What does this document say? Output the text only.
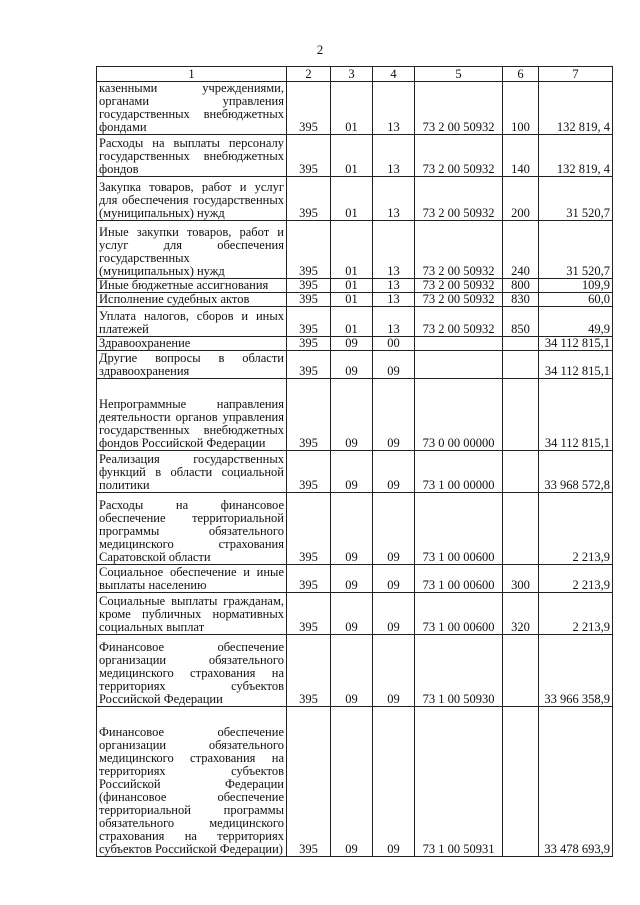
2
1	2	3	4	5	6	7
казенными учреждениями, органами управления государственных внебюджетных фондами	395	01	13	73 2 00 50932	100	132 819, 4
Расходы на выплаты персоналу государственных внебюджетных фондов	395	01	13	73 2 00 50932	140	132 819, 4
Закупка товаров, работ и услуг для обеспечения государственных (муниципальных) нужд	395	01	13	73 2 00 50932	200	31 520,7
Иные закупки товаров, работ и услуг для обеспечения государственных (муниципальных) нужд	395	01	13	73 2 00 50932	240	31 520,7
Иные бюджетные ассигнования	395	01	13	73 2 00 50932	800	109,9
Исполнение судебных актов	395	01	13	73 2 00 50932	830	60,0
Уплата налогов, сборов и иных платежей	395	01	13	73 2 00 50932	850	49,9
Здравоохранение	395	09	00			34 112 815,1
Другие вопросы в области здравоохранения	395	09	09			34 112 815,1
Непрограммные направления деятельности органов управления государственных внебюджетных фондов Российской Федерации	395	09	09	73 0 00 00000		34 112 815,1
Реализация государственных функций в области социальной политики	395	09	09	73 1 00 00000		33 968 572,8
Расходы на финансовое обеспечение территориальной программы обязательного медицинского страхования Саратовской области	395	09	09	73 1 00 00600		2 213,9
Социальное обеспечение и иные выплаты населению	395	09	09	73 1 00 00600	300	2 213,9
Социальные выплаты гражданам, кроме публичных нормативных социальных выплат	395	09	09	73 1 00 00600	320	2 213,9
Финансовое обеспечение организации обязательного медицинского страхования на территориях субъектов Российской Федерации	395	09	09	73 1 00 50930		33 966 358,9
Финансовое обеспечение организации обязательного медицинского страхования на территориях субъектов Российской Федерации (финансовое обеспечение территориальной программы обязательного медицинского страхования на территориях субъектов Российской Федерации)	395	09	09	73 1 00 50931		33 478 693,9
